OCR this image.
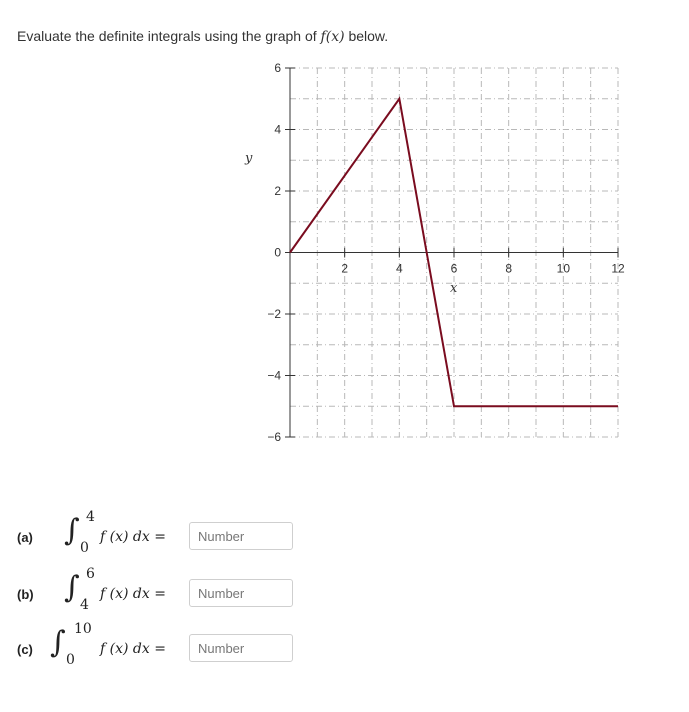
Evaluate the definite integrals using the graph of f(x) below.
6
4
2
0
−2
−4
−6
2	4	6	8	10	12
y
x
(a) ∫ 4
0
f (x) dx =
Number
(b) ∫ 6
4
f (x) dx =
Number
(c) ∫ 10
0
f (x) dx =
Number
